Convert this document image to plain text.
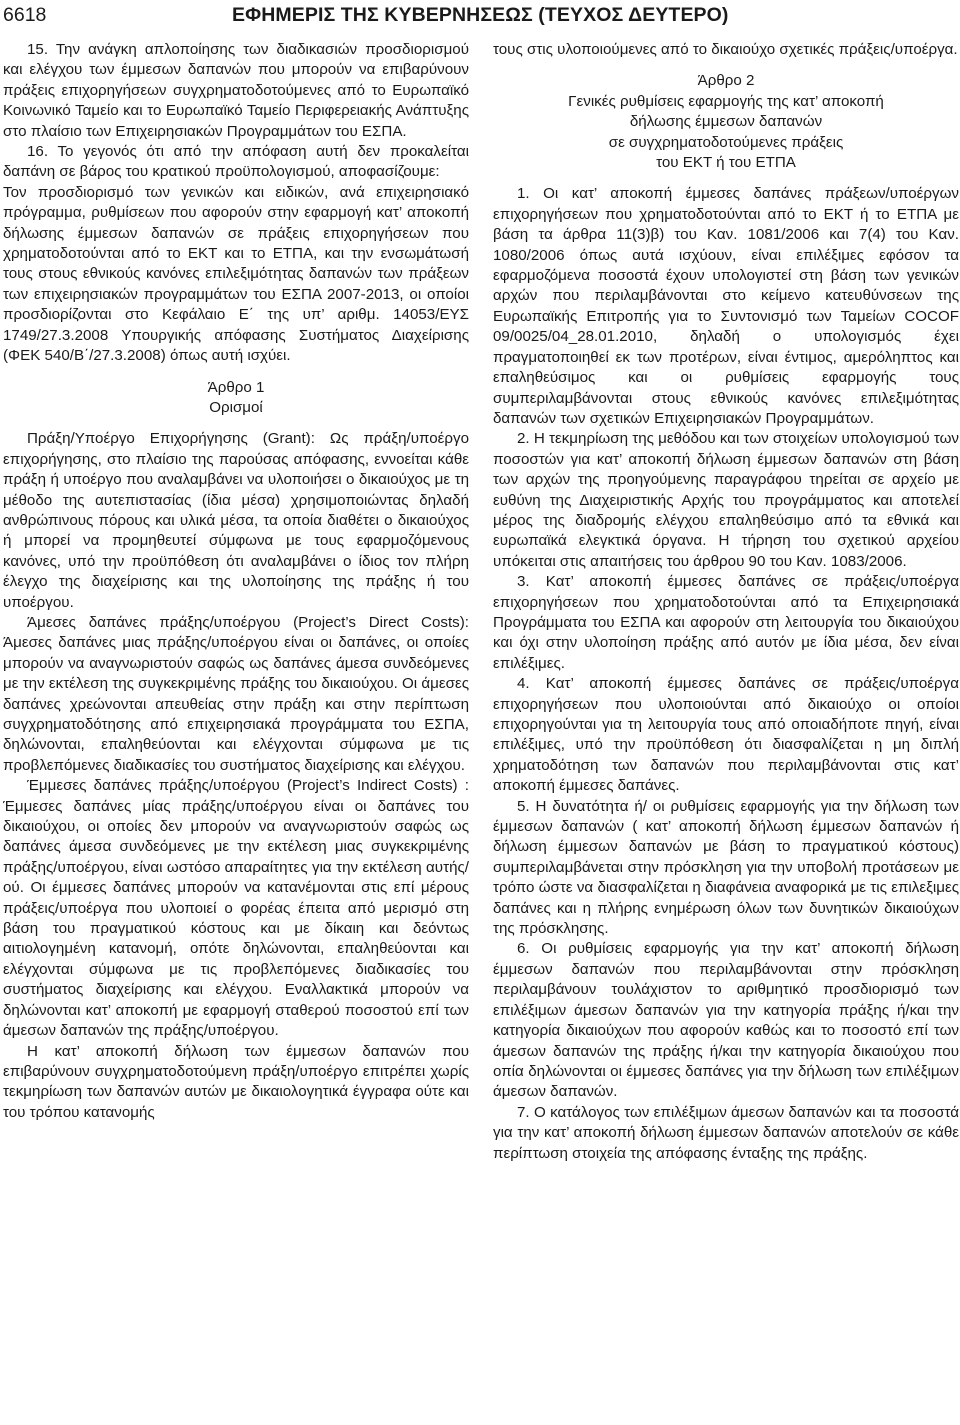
6618	ΕΦΗΜΕΡΙΣ ΤΗΣ ΚΥΒΕΡΝΗΣΕΩΣ (ΤΕΥΧΟΣ ΔΕΥΤΕΡΟ)

15. Την ανάγκη απλοποίησης των διαδικασιών προσδιορισμού και ελέγχου των έμμεσων δαπανών που μπορούν να επιβαρύνουν πράξεις επιχορηγήσεων συγχρηματοδοτούμενες από το Ευρωπαϊκό Κοινωνικό Ταμείο και το Ευρωπαϊκό Ταμείο Περιφερειακής Ανάπτυξης στο πλαίσιο των Επιχειρησιακών Προγραμμάτων του ΕΣΠΑ.

16. Το γεγονός ότι από την απόφαση αυτή δεν προκαλείται δαπάνη σε βάρος του κρατικού προϋπολογισμού, αποφασίζουμε:

Τον προσδιορισμό των γενικών και ειδικών, ανά επιχειρησιακό πρόγραμμα, ρυθμίσεων που αφορούν στην εφαρμογή κατ’ αποκοπή δήλωσης έμμεσων δαπανών σε πράξεις επιχορηγήσεων που χρηματοδοτούνται από το ΕΚΤ και το ΕΤΠΑ, και την ενσωμάτωσή τους στους εθνικούς κανόνες επιλεξιμότητας δαπανών των πράξεων των επιχειρησιακών προγραμμάτων του ΕΣΠΑ 2007-2013, οι οποίοι προσδιορίζονται στο Κεφάλαιο Ε΄ της υπ’ αριθμ. 14053/ΕΥΣ 1749/27.3.2008 Υπουργικής απόφασης Συστήματος Διαχείρισης (ΦΕΚ 540/Β΄/27.3.2008) όπως αυτή ισχύει.

Άρθρο 1

Ορισμοί

Πράξη/Υποέργο Επιχορήγησης (Grant): Ως πράξη/υποέργο επιχορήγησης, στο πλαίσιο της παρούσας απόφασης, εννοείται κάθε πράξη ή υποέργο που αναλαμβάνει να υλοποιήσει ο δικαιούχος με τη μέθοδο της αυτεπιστασίας (ίδια μέσα) χρησιμοποιώντας δηλαδή ανθρώπινους πόρους και υλικά μέσα, τα οποία διαθέτει ο δικαιούχος ή μπορεί να προμηθευτεί σύμφωνα με τους εφαρμοζόμενους κανόνες, υπό την προϋπόθεση ότι αναλαμβάνει ο ίδιος τον πλήρη έλεγχο της διαχείρισης και της υλοποίησης της πράξης ή του υποέργου.

Άμεσες δαπάνες πράξης/υποέργου (Project’s Direct Costs): Άμεσες δαπάνες μιας πράξης/υποέργου είναι οι δαπάνες, οι οποίες μπορούν να αναγνωριστούν σαφώς ως δαπάνες άμεσα συνδεόμενες με την εκτέλεση της συγκεκριμένης πράξης του δικαιούχου. Οι άμεσες δαπάνες χρεώνονται απευθείας στην πράξη και στην περίπτωση συγχρηματοδότησης από επιχειρησιακά προγράμματα του ΕΣΠΑ, δηλώνονται, επαληθεύονται και ελέγχονται σύμφωνα με τις προβλεπόμενες διαδικασίες του συστήματος διαχείρισης και ελέγχου.

Έμμεσες δαπάνες πράξης/υποέργου (Project’s Indirect Costs) : Έμμεσες δαπάνες μίας πράξης/υποέργου είναι οι δαπάνες του δικαιούχου, οι οποίες δεν μπορούν να αναγνωριστούν σαφώς ως δαπάνες άμεσα συνδεόμενες με την εκτέλεση μιας συγκεκριμένης πράξης/υποέργου, είναι ωστόσο απαραίτητες για την εκτέλεση αυτής/ού. Οι έμμεσες δαπάνες μπορούν να κατανέμονται στις επί μέρους πράξεις/υποέργα που υλοποιεί ο φορέας έπειτα από μερισμό στη βάση του πραγματικού κόστους και με δίκαιη και δεόντως αιτιολογημένη κατανομή, οπότε δηλώνονται, επαληθεύονται και ελέγχονται σύμφωνα με τις προβλεπόμενες διαδικασίες του συστήματος διαχείρισης και ελέγχου. Εναλλακτικά μπορούν να δηλώνονται κατ’ αποκοπή με εφαρμογή σταθερού ποσοστού επί των άμεσων δαπανών της πράξης/υποέργου.

Η κατ’ αποκοπή δήλωση των έμμεσων δαπανών που επιβαρύνουν συγχρηματοδοτούμενη πράξη/υποέργο επιτρέπει χωρίς τεκμηρίωση των δαπανών αυτών με δικαιολογητικά έγγραφα ούτε και του τρόπου κατανομής

τους στις υλοποιούμενες από το δικαιούχο σχετικές πράξεις/υποέργα.

Άρθρο 2

Γενικές ρυθμίσεις εφαρμογής της κατ’ αποκοπή

δήλωσης έμμεσων δαπανών

σε συγχρηματοδοτούμενες πράξεις

του ΕΚΤ ή του ΕΤΠΑ

1. Οι κατ’ αποκοπή έμμεσες δαπάνες πράξεων/υποέργων επιχορηγήσεων που χρηματοδοτούνται από το ΕΚΤ ή το ΕΤΠΑ με βάση τα άρθρα 11(3)β) του Καν. 1081/2006 και 7(4) του Καν. 1080/2006 όπως αυτά ισχύουν, είναι επιλέξιμες εφόσον τα εφαρμοζόμενα ποσοστά έχουν υπολογιστεί στη βάση των γενικών αρχών που περιλαμβάνονται στο κείμενο κατευθύνσεων της Ευρωπαϊκής Επιτροπής για το Συντονισμό των Ταμείων COCOF 09/0025/04_28.01.2010, δηλαδή ο υπολογισμός έχει πραγματοποιηθεί εκ των προτέρων, είναι έντιμος, αμερόληπτος και επαληθεύσιμος και οι ρυθμίσεις εφαρμογής τους συμπεριλαμβάνονται στους εθνικούς κανόνες επιλεξιμότητας δαπανών των σχετικών Επιχειρησιακών Προγραμμάτων.

2. Η τεκμηρίωση της μεθόδου και των στοιχείων υπολογισμού των ποσοστών για κατ’ αποκοπή δήλωση έμμεσων δαπανών στη βάση των αρχών της προηγούμενης παραγράφου τηρείται σε αρχείο με ευθύνη της Διαχειριστικής Αρχής του προγράμματος και αποτελεί μέρος της διαδρομής ελέγχου επαληθεύσιμο από τα εθνικά και ευρωπαϊκά ελεγκτικά όργανα. Η τήρηση του σχετικού αρχείου υπόκειται στις απαιτήσεις του άρθρου 90 του Καν. 1083/2006.

3. Κατ’ αποκοπή έμμεσες δαπάνες σε πράξεις/υποέργα επιχορηγήσεων που χρηματοδοτούνται από τα Επιχειρησιακά Προγράμματα του ΕΣΠΑ και αφορούν στη λειτουργία του δικαιούχου και όχι στην υλοποίηση πράξης από αυτόν με ίδια μέσα, δεν είναι επιλέξιμες.

4. Κατ’ αποκοπή έμμεσες δαπάνες σε πράξεις/υποέργα επιχορηγήσεων που υλοποιούνται από δικαιούχο οι οποίοι επιχορηγούνται για τη λειτουργία τους από οποιαδήποτε πηγή, είναι επιλέξιμες, υπό την προϋπόθεση ότι διασφαλίζεται η μη διπλή χρηματοδότηση των δαπανών που περιλαμβάνονται στις κατ’ αποκοπή έμμεσες δαπάνες.

5. Η δυνατότητα ή/ οι ρυθμίσεις εφαρμογής για την δήλωση των έμμεσων δαπανών ( κατ’ αποκοπή δήλωση έμμεσων δαπανών ή δήλωση έμμεσων δαπανών με βάση το πραγματικού κόστους) συμπεριλαμβάνεται στην πρόσκληση για την υποβολή προτάσεων με τρόπο ώστε να διασφαλίζεται η διαφάνεια αναφορικά με τις επιλεξιμες δαπάνες και η πλήρης ενημέρωση όλων των δυνητικών δικαιούχων της πρόσκλησης.

6. Οι ρυθμίσεις εφαρμογής για την κατ’ αποκοπή δήλωση έμμεσων δαπανών που περιλαμβάνονται στην πρόσκληση περιλαμβάνουν τουλάχιστον το αριθμητικό προσδιορισμό των επιλέξιμων άμεσων δαπανών για την κατηγορία πράξης ή/και την κατηγορία δικαιούχων που αφορούν καθώς και το ποσοστό επί των άμεσων δαπανών της πράξης ή/και την κατηγορία δικαιούχου που οπία δηλώνονται οι έμμεσες δαπάνες για την δήλωση των επιλέξιμων άμεσων δαπανών.

7. Ο κατάλογος των επιλέξιμων άμεσων δαπανών και τα ποσοστά για την κατ’ αποκοπή δήλωση έμμεσων δαπανών αποτελούν σε κάθε περίπτωση στοιχεία της απόφασης ένταξης της πράξης.
